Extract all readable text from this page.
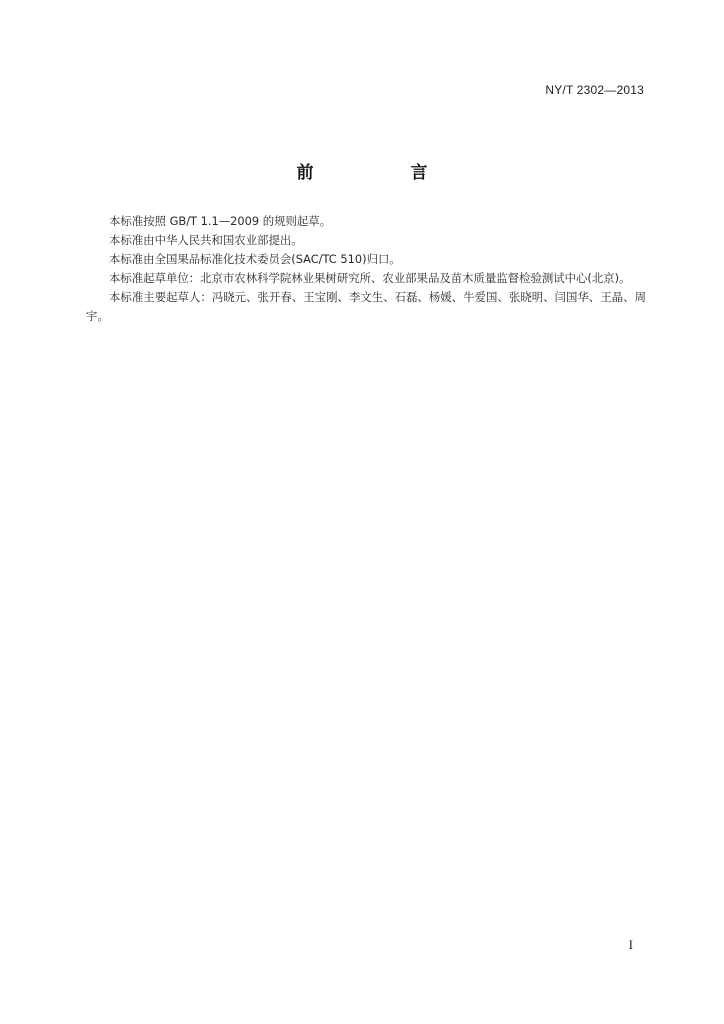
NY/T 2302—2013
前　言

本标准按照 GB/T 1.1—2009 的规则起草。

本标准由中华人民共和国农业部提出。

本标准由全国果品标准化技术委员会(SAC/TC 510)归口。

本标准起草单位：北京市农林科学院林业果树研究所、农业部果品及苗木质量监督检验测试中心(北京)。

本标准主要起草人：冯晓元、张开春、王宝刚、李文生、石磊、杨媛、牛爱国、张晓明、闫国华、王晶、周宇。

I
